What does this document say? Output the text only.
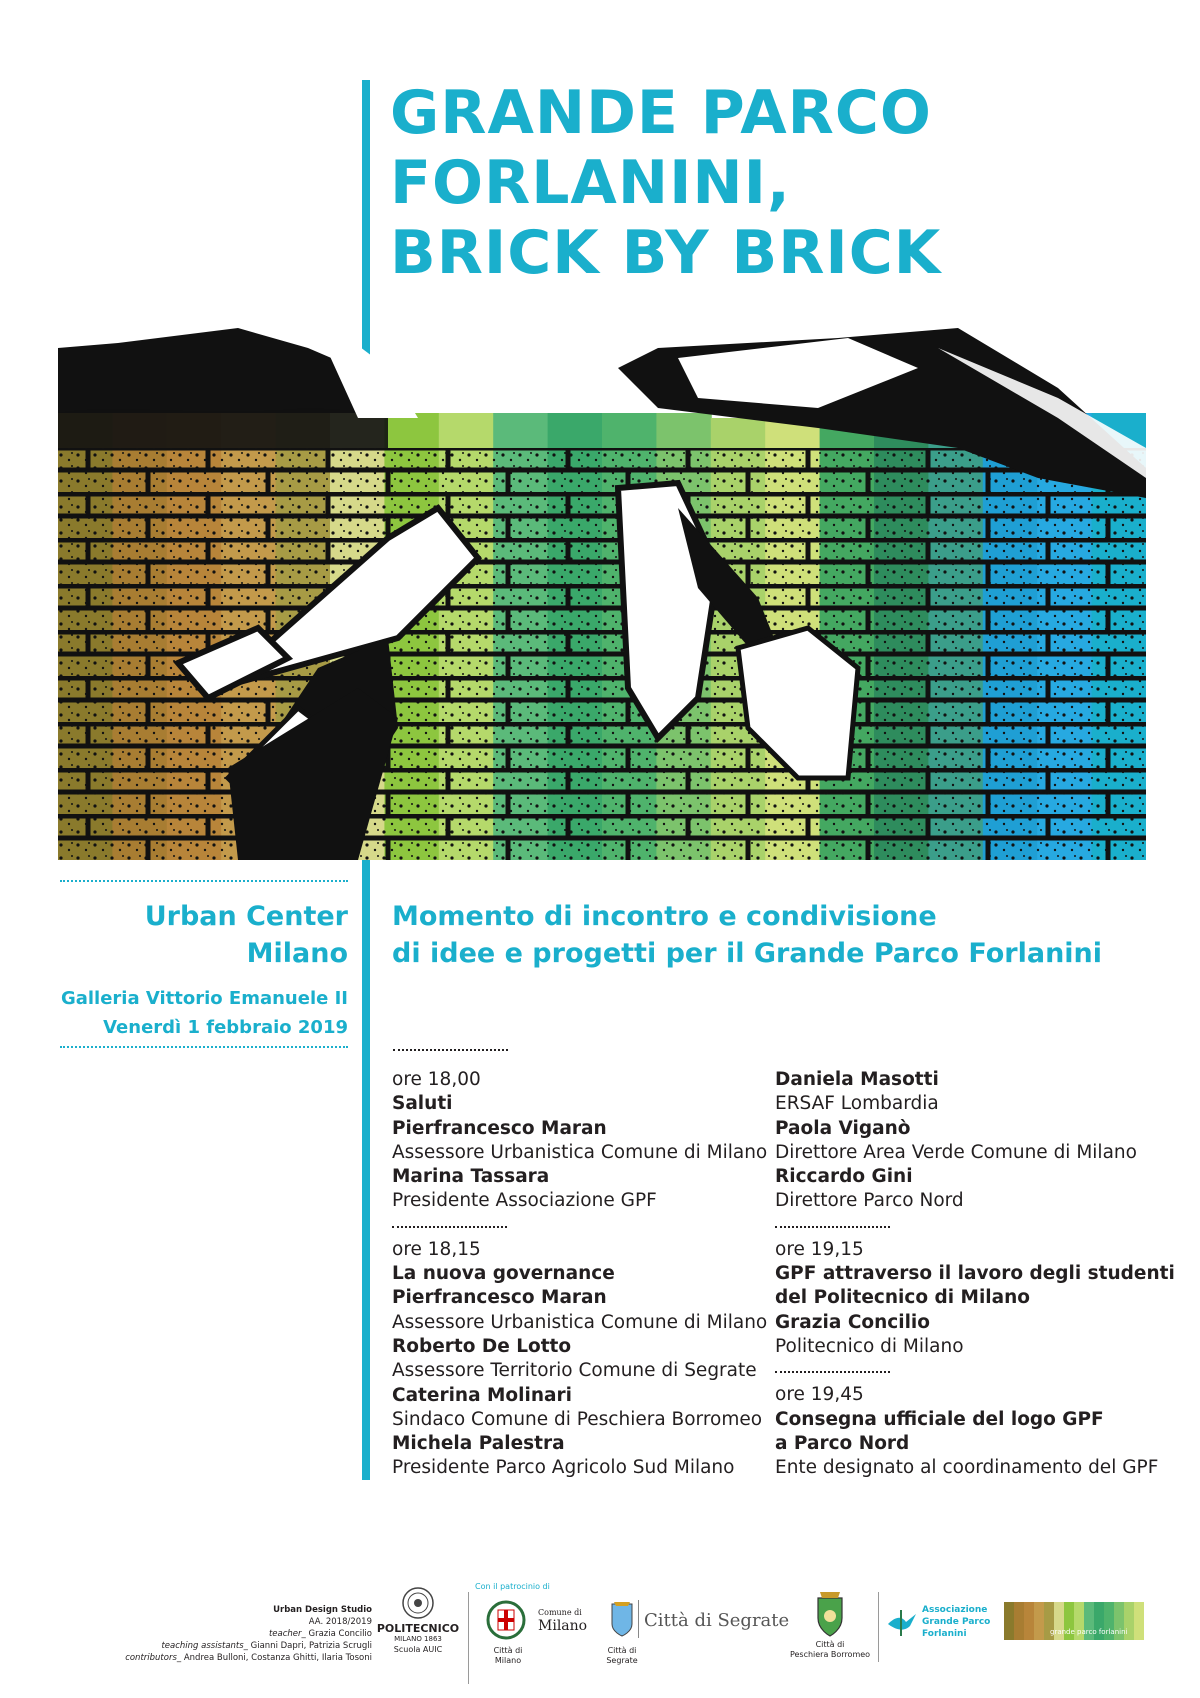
GRANDE PARCO
FORLANINI,
BRICK BY BRICK
Urban Center
Milano
Galleria Vittorio Emanuele II
Venerdì 1 febbraio 2019
Momento di incontro e condivisione
di idee e progetti per il Grande Parco Forlanini
ore 18,00
Saluti
Pierfrancesco Maran
Assessore Urbanistica Comune di Milano
Marina Tassara
Presidente Associazione GPF
ore 18,15
La nuova governance
Pierfrancesco Maran
Assessore Urbanistica Comune di Milano
Roberto De Lotto
Assessore Territorio Comune di Segrate
Caterina Molinari
Sindaco Comune di Peschiera Borromeo
Michela Palestra
Presidente Parco Agricolo Sud Milano
Daniela Masotti
ERSAF Lombardia
Paola Viganò
Direttore Area Verde Comune di Milano
Riccardo Gini
Direttore Parco Nord
ore 19,15
GPF attraverso il lavoro degli studenti
del Politecnico di Milano
Grazia Concilio
Politecnico di Milano
ore 19,45
Consegna ufficiale del logo GPF
a Parco Nord
Ente designato al coordinamento del GPF
Urban Design Studio
AA. 2018/2019
teacher_ Grazia Concilio
teaching assistants_ Gianni Dapri, Patrizia Scrugli
contributors_ Andrea Bulloni, Costanza Ghitti, Ilaria Tosoni
POLITECNICO
MILANO 1863
Scuola AUIC
Con il patrocinio di
Comune di
Milano
Città di
Milano
Città di Segrate
Città di
Segrate
Città di
Peschiera Borromeo
Associazione
Grande Parco
Forlanini	grande parco forlanini
